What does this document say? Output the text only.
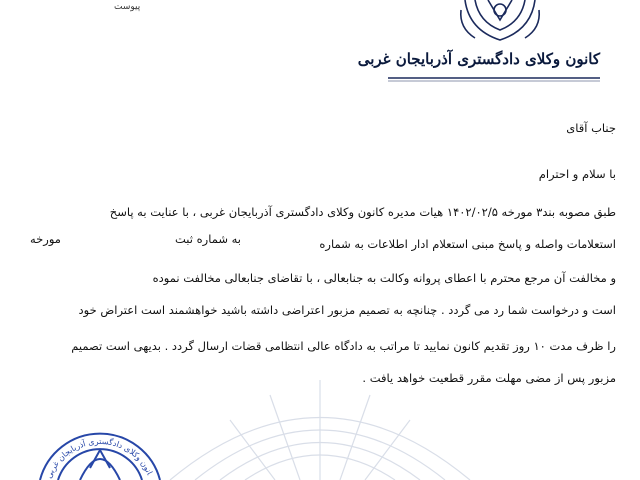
پیوست
کانون وکلای دادگستری آذربایجان غربی
جناب آقای
با سلام و احترام
طبق مصوبه بند۳ مورخه ۱۴۰۲/۰۲/۵ هیات مدیره کانون وکلای دادگستری آذربایجان غربی ، با عنایت به پاسخ
استعلامات واصله و پاسخ مبنی استعلام ادار اطلاعات به شماره
به شماره ثبت
مورخه
و مخالفت آن مرجع محترم با اعطای پروانه وکالت به جنابعالی ، با تقاضای جنابعالی مخالفت نموده
است و درخواست شما رد می گردد . چنانچه به تصمیم مزبور اعتراضی داشته باشید خواهشمند است اعتراض خود
را ظرف مدت ۱۰ روز تقدیم کانون نمایید تا مراتب به دادگاه عالی انتظامی قضات ارسال گردد . بدیهی است تصمیم
مزبور پس از مضی مهلت مقرر قطعیت خواهد یافت .
انون وکلای دادگستری آذربایجان غربی
